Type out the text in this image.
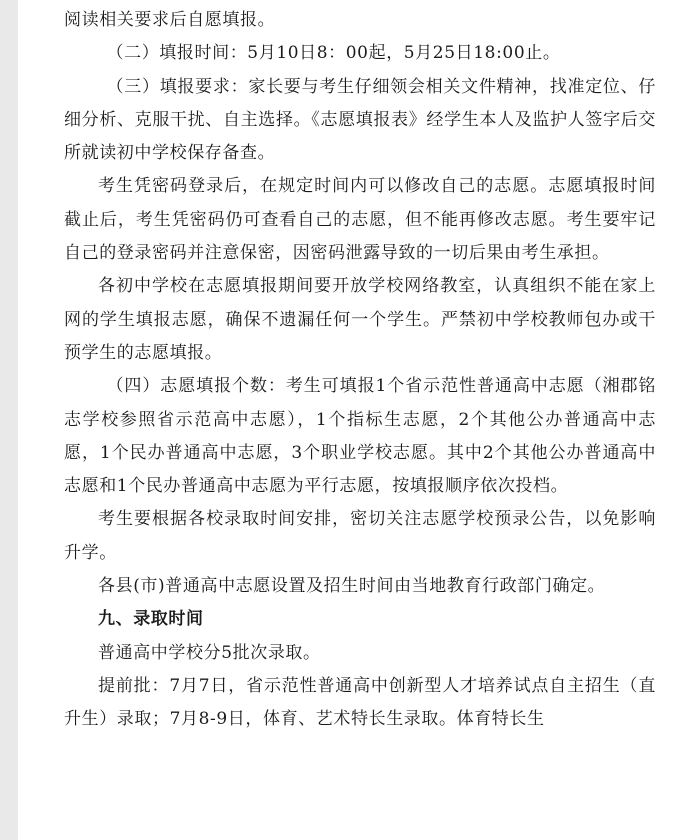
阅读相关要求后自愿填报。

（二）填报时间：5月10日8：00起，5月25日18:00止。

（三）填报要求：家长要与考生仔细领会相关文件精神，找准定位、仔细分析、克服干扰、自主选择。《志愿填报表》经学生本人及监护人签字后交所就读初中学校保存备查。

考生凭密码登录后，在规定时间内可以修改自己的志愿。志愿填报时间截止后，考生凭密码仍可查看自己的志愿，但不能再修改志愿。考生要牢记自己的登录密码并注意保密，因密码泄露导致的一切后果由考生承担。

各初中学校在志愿填报期间要开放学校网络教室，认真组织不能在家上网的学生填报志愿，确保不遗漏任何一个学生。严禁初中学校教师包办或干预学生的志愿填报。

（四）志愿填报个数：考生可填报1个省示范性普通高中志愿（湘郡铭志学校参照省示范高中志愿），1个指标生志愿，2个其他公办普通高中志愿，1个民办普通高中志愿，3个职业学校志愿。其中2个其他公办普通高中志愿和1个民办普通高中志愿为平行志愿，按填报顺序依次投档。

考生要根据各校录取时间安排，密切关注志愿学校预录公告，以免影响升学。

各县(市)普通高中志愿设置及招生时间由当地教育行政部门确定。

九、录取时间

普通高中学校分5批次录取。

提前批：7月7日，省示范性普通高中创新型人才培养试点自主招生（直升生）录取；7月8-9日，体育、艺术特长生录取。体育特长生
